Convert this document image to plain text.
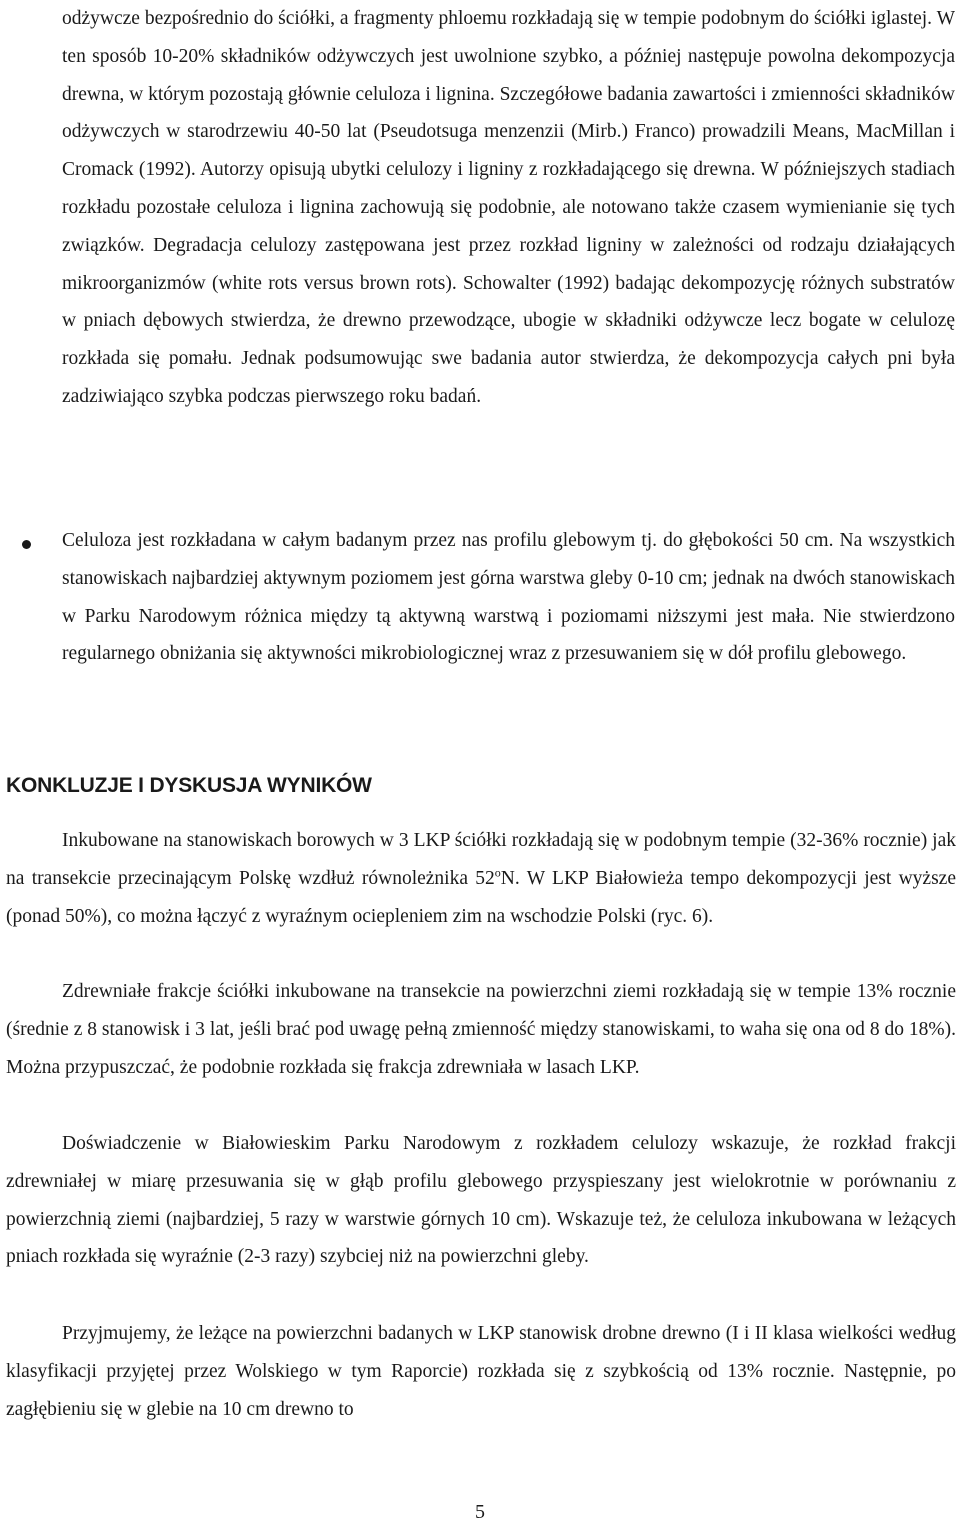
odżywcze bezpośrednio do ściółki, a fragmenty phloemu rozkładają się w tempie podobnym do ściółki iglastej. W ten sposób 10-20% składników odżywczych jest uwolnione szybko, a później następuje powolna dekompozycja drewna, w którym pozostają głównie celuloza i lignina. Szczegółowe badania zawartości i zmienności składników odżywczych w starodrzewiu 40-50 lat (Pseudotsuga menzenzii (Mirb.) Franco) prowadzili Means, MacMillan i Cromack (1992). Autorzy opisują ubytki celulozy i ligniny z rozkładającego się drewna. W późniejszych stadiach rozkładu pozostałe celuloza i lignina zachowują się podobnie, ale notowano także czasem wymienianie się tych związków. Degradacja celulozy zastępowana jest przez rozkład ligniny w zależności od rodzaju działających mikroorganizmów (white rots versus brown rots). Schowalter (1992) badając dekompozycję różnych substratów w pniach dębowych stwierdza, że drewno przewodzące, ubogie w składniki odżywcze lecz bogate w celulozę rozkłada się pomału. Jednak podsumowując swe badania autor stwierdza, że dekompozycja całych pni była zadziwiająco szybka podczas pierwszego roku badań.

Celuloza jest rozkładana w całym badanym przez nas profilu glebowym tj. do głębokości 50 cm. Na wszystkich stanowiskach najbardziej aktywnym poziomem jest górna warstwa gleby 0-10 cm; jednak na dwóch stanowiskach w Parku Narodowym różnica między tą aktywną warstwą i poziomami niższymi jest mała. Nie stwierdzono regularnego obniżania się aktywności mikrobiologicznej wraz z przesuwaniem się w dół profilu glebowego.

KONKLUZJE I DYSKUSJA WYNIKÓW

Inkubowane na stanowiskach borowych w 3 LKP ściółki rozkładają się w podobnym tempie (32-36% rocznie) jak na transekcie przecinającym Polskę wzdłuż równoleżnika 52$^o$N. W LKP Białowieża tempo dekompozycji jest wyższe (ponad 50%), co można łączyć z wyraźnym ociepleniem zim na wschodzie Polski (ryc. 6).

Zdrewniałe frakcje ściółki inkubowane na transekcie na powierzchni ziemi rozkładają się w tempie 13% rocznie (średnie z 8 stanowisk i 3 lat, jeśli brać pod uwagę pełną zmienność między stanowiskami, to waha się ona od 8 do 18%). Można przypuszczać, że podobnie rozkłada się frakcja zdrewniała w lasach LKP.

Doświadczenie w Białowieskim Parku Narodowym z rozkładem celulozy wskazuje, że rozkład frakcji zdrewniałej w miarę przesuwania się w głąb profilu glebowego przyspieszany jest wielokrotnie w porównaniu z powierzchnią ziemi (najbardziej, 5 razy w warstwie górnych 10 cm). Wskazuje też, że celuloza inkubowana w leżących pniach rozkłada się wyraźnie (2-3 razy) szybciej niż na powierzchni gleby.

Przyjmujemy, że leżące na powierzchni badanych w LKP stanowisk drobne drewno (I i II klasa wielkości według klasyfikacji przyjętej przez Wolskiego w tym Raporcie) rozkłada się z szybkością od 13% rocznie. Następnie, po zagłębieniu się w glebie na 10 cm drewno to

5
